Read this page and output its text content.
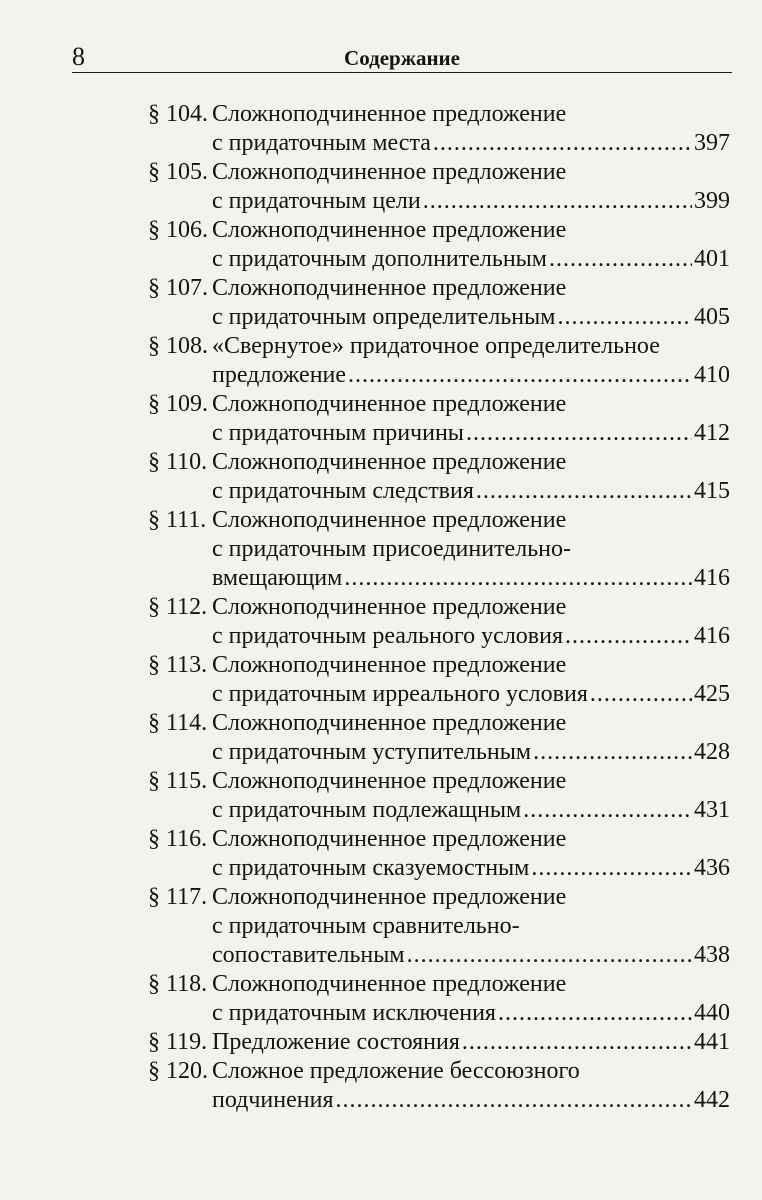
8	Содержание
§ 104. Сложноподчиненное предложение
с придаточным места .....	397
§ 105. Сложноподчиненное предложение
с придаточным цели .....	399
§ 106. Сложноподчиненное предложение
с придаточным дополнительным .....	401
§ 107. Сложноподчиненное предложение
с придаточным определительным .....	405
§ 108. «Свернутое» придаточное определительное
предложение .....	410
§ 109. Сложноподчиненное предложение
с придаточным причины .....	412
§ 110. Сложноподчиненное предложение
с придаточным следствия .....	415
§ 111. Сложноподчиненное предложение
с придаточным присоединительно-
вмещающим .....	416
§ 112. Сложноподчиненное предложение
с придаточным реального условия .....	416
§ 113. Сложноподчиненное предложение
с придаточным ирреального условия .....	425
§ 114. Сложноподчиненное предложение
с придаточным уступительным .....	428
§ 115. Сложноподчиненное предложение
с придаточным подлежащным .....	431
§ 116. Сложноподчиненное предложение
с придаточным сказуемостным .....	436
§ 117. Сложноподчиненное предложение
с придаточным сравнительно-
сопоставительным .....	438
§ 118. Сложноподчиненное предложение
с придаточным исключения .....	440
§ 119. Предложение состояния .....	441
§ 120. Сложное предложение бессоюзного
подчинения .....	442
